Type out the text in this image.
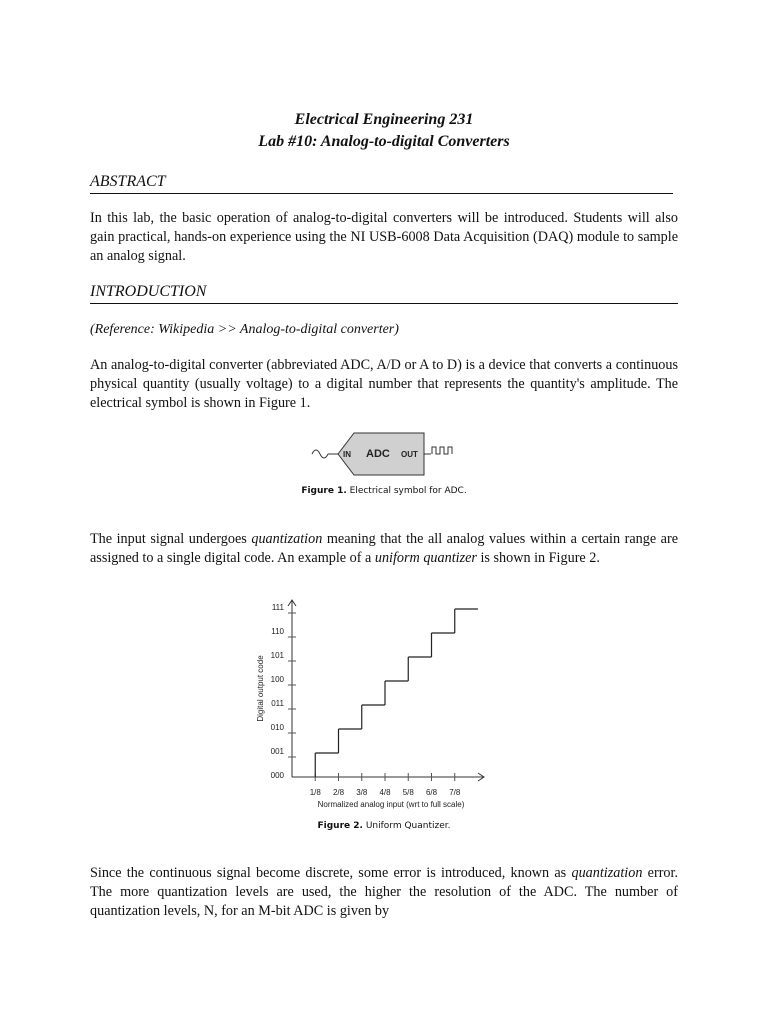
Electrical Engineering 231
Lab #10: Analog-to-digital Converters
ABSTRACT
In this lab, the basic operation of analog-to-digital converters will be introduced. Students will also gain practical, hands-on experience using the NI USB-6008 Data Acquisition (DAQ) module to sample an analog signal.
INTRODUCTION
(Reference: Wikipedia >> Analog-to-digital converter)
An analog-to-digital converter (abbreviated ADC, A/D or A to D) is a device that converts a continuous physical quantity (usually voltage) to a digital number that represents the quantity's amplitude. The electrical symbol is shown in Figure 1.
IN ADC OUT
Figure 1. Electrical symbol for ADC.
The input signal undergoes quantization meaning that the all analog values within a certain range are assigned to a single digital code. An example of a uniform quantizer is shown in Figure 2.
000
001
010
011
100
101
110
111
1/8 2/8 3/8 4/8 5/8 6/8 7/8
Digital output code
Normalized analog input (wrt to full scale)
Figure 2. Uniform Quantizer.
Since the continuous signal become discrete, some error is introduced, known as quantization error. The more quantization levels are used, the higher the resolution of the ADC. The number of quantization levels, N, for an M-bit ADC is given by
